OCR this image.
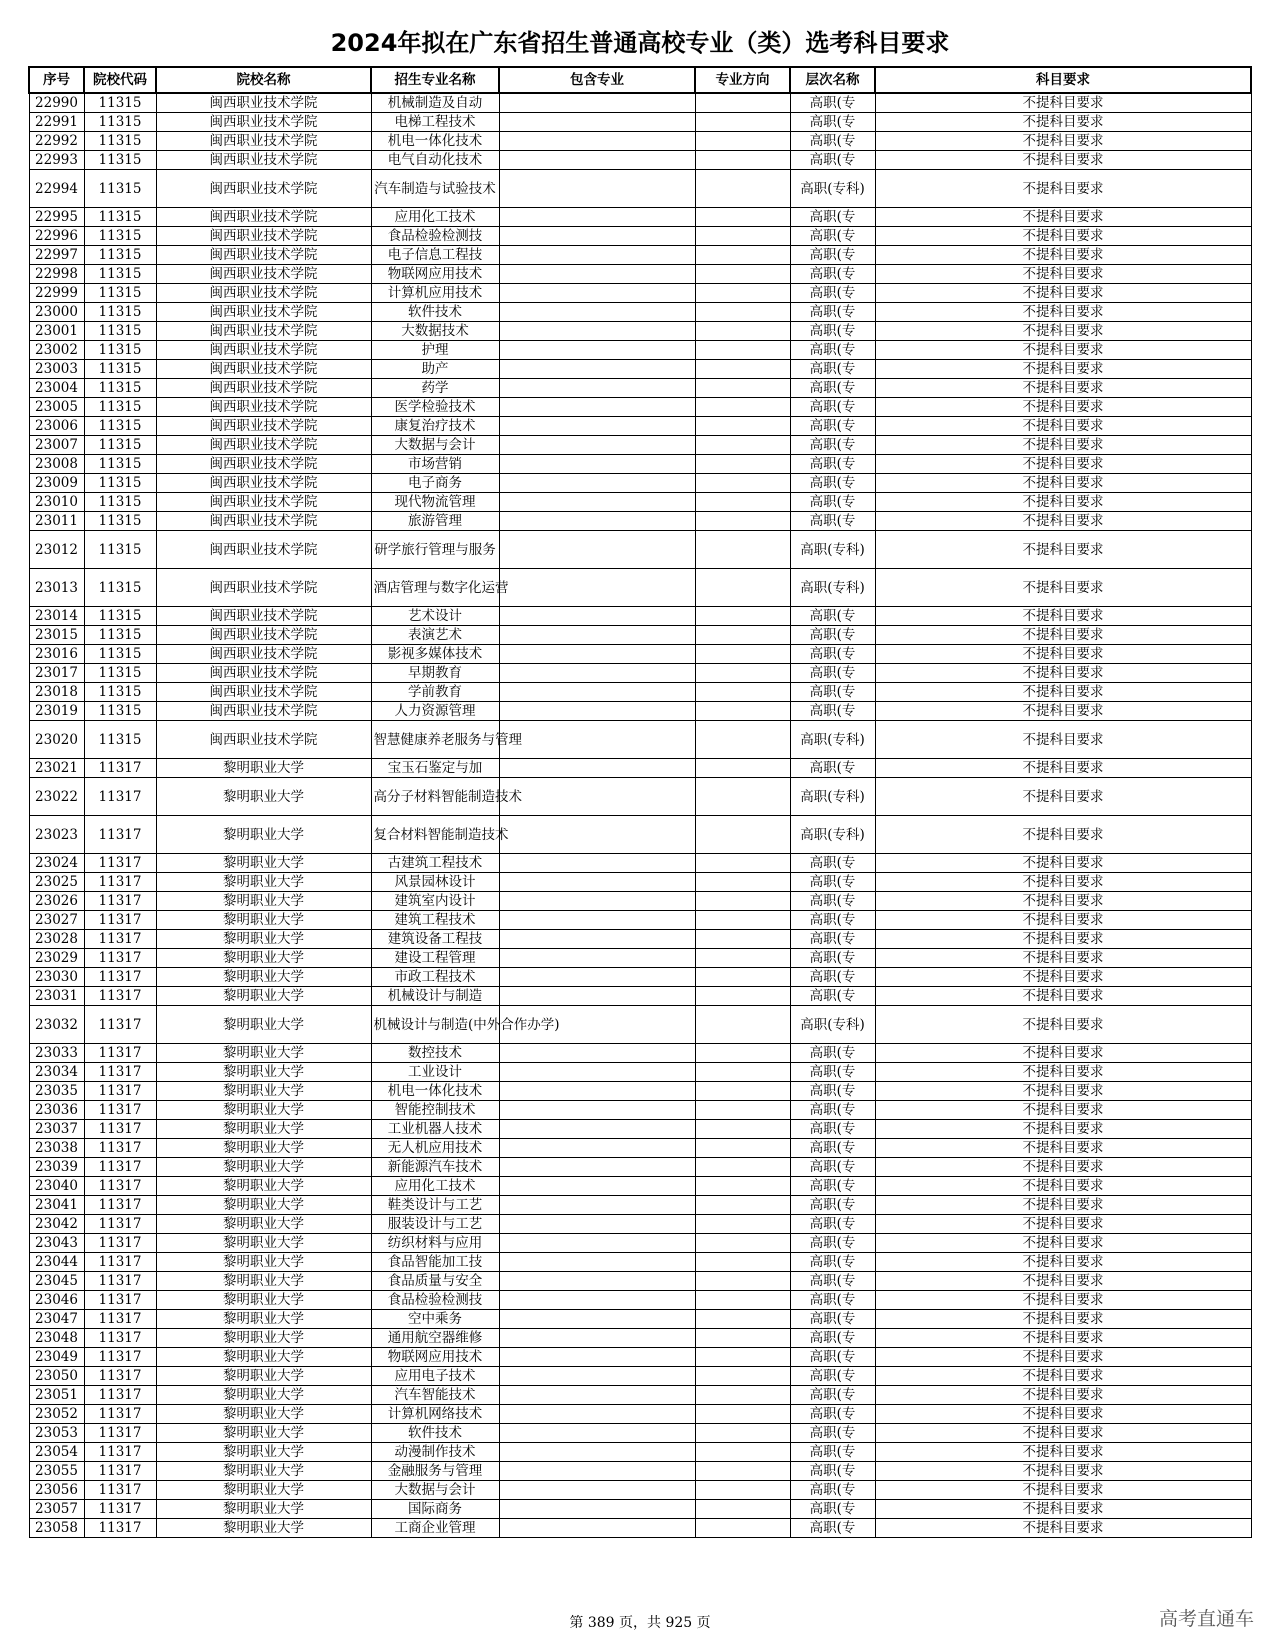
2024年拟在广东省招生普通高校专业（类）选考科目要求
序号	院校代码	院校名称	招生专业名称	包含专业	专业方向	层次名称	科目要求
22990	11315	闽西职业技术学院	机械制造及自动			高职(专	不提科目要求
22991	11315	闽西职业技术学院	电梯工程技术			高职(专	不提科目要求
22992	11315	闽西职业技术学院	机电一体化技术			高职(专	不提科目要求
22993	11315	闽西职业技术学院	电气自动化技术			高职(专	不提科目要求
22994	11315	闽西职业技术学院	汽车制造与试验技术			高职(专科)	不提科目要求
22995	11315	闽西职业技术学院	应用化工技术			高职(专	不提科目要求
22996	11315	闽西职业技术学院	食品检验检测技			高职(专	不提科目要求
22997	11315	闽西职业技术学院	电子信息工程技			高职(专	不提科目要求
22998	11315	闽西职业技术学院	物联网应用技术			高职(专	不提科目要求
22999	11315	闽西职业技术学院	计算机应用技术			高职(专	不提科目要求
23000	11315	闽西职业技术学院	软件技术			高职(专	不提科目要求
23001	11315	闽西职业技术学院	大数据技术			高职(专	不提科目要求
23002	11315	闽西职业技术学院	护理			高职(专	不提科目要求
23003	11315	闽西职业技术学院	助产			高职(专	不提科目要求
23004	11315	闽西职业技术学院	药学			高职(专	不提科目要求
23005	11315	闽西职业技术学院	医学检验技术			高职(专	不提科目要求
23006	11315	闽西职业技术学院	康复治疗技术			高职(专	不提科目要求
23007	11315	闽西职业技术学院	大数据与会计			高职(专	不提科目要求
23008	11315	闽西职业技术学院	市场营销			高职(专	不提科目要求
23009	11315	闽西职业技术学院	电子商务			高职(专	不提科目要求
23010	11315	闽西职业技术学院	现代物流管理			高职(专	不提科目要求
23011	11315	闽西职业技术学院	旅游管理			高职(专	不提科目要求
23012	11315	闽西职业技术学院	研学旅行管理与服务			高职(专科)	不提科目要求
23013	11315	闽西职业技术学院	酒店管理与数字化运营			高职(专科)	不提科目要求
23014	11315	闽西职业技术学院	艺术设计			高职(专	不提科目要求
23015	11315	闽西职业技术学院	表演艺术			高职(专	不提科目要求
23016	11315	闽西职业技术学院	影视多媒体技术			高职(专	不提科目要求
23017	11315	闽西职业技术学院	早期教育			高职(专	不提科目要求
23018	11315	闽西职业技术学院	学前教育			高职(专	不提科目要求
23019	11315	闽西职业技术学院	人力资源管理			高职(专	不提科目要求
23020	11315	闽西职业技术学院	智慧健康养老服务与管理			高职(专科)	不提科目要求
23021	11317	黎明职业大学	宝玉石鉴定与加			高职(专	不提科目要求
23022	11317	黎明职业大学	高分子材料智能制造技术			高职(专科)	不提科目要求
23023	11317	黎明职业大学	复合材料智能制造技术			高职(专科)	不提科目要求
23024	11317	黎明职业大学	古建筑工程技术			高职(专	不提科目要求
23025	11317	黎明职业大学	风景园林设计			高职(专	不提科目要求
23026	11317	黎明职业大学	建筑室内设计			高职(专	不提科目要求
23027	11317	黎明职业大学	建筑工程技术			高职(专	不提科目要求
23028	11317	黎明职业大学	建筑设备工程技			高职(专	不提科目要求
23029	11317	黎明职业大学	建设工程管理			高职(专	不提科目要求
23030	11317	黎明职业大学	市政工程技术			高职(专	不提科目要求
23031	11317	黎明职业大学	机械设计与制造			高职(专	不提科目要求
23032	11317	黎明职业大学	机械设计与制造(中外合作办学)			高职(专科)	不提科目要求
23033	11317	黎明职业大学	数控技术			高职(专	不提科目要求
23034	11317	黎明职业大学	工业设计			高职(专	不提科目要求
23035	11317	黎明职业大学	机电一体化技术			高职(专	不提科目要求
23036	11317	黎明职业大学	智能控制技术			高职(专	不提科目要求
23037	11317	黎明职业大学	工业机器人技术			高职(专	不提科目要求
23038	11317	黎明职业大学	无人机应用技术			高职(专	不提科目要求
23039	11317	黎明职业大学	新能源汽车技术			高职(专	不提科目要求
23040	11317	黎明职业大学	应用化工技术			高职(专	不提科目要求
23041	11317	黎明职业大学	鞋类设计与工艺			高职(专	不提科目要求
23042	11317	黎明职业大学	服装设计与工艺			高职(专	不提科目要求
23043	11317	黎明职业大学	纺织材料与应用			高职(专	不提科目要求
23044	11317	黎明职业大学	食品智能加工技			高职(专	不提科目要求
23045	11317	黎明职业大学	食品质量与安全			高职(专	不提科目要求
23046	11317	黎明职业大学	食品检验检测技			高职(专	不提科目要求
23047	11317	黎明职业大学	空中乘务			高职(专	不提科目要求
23048	11317	黎明职业大学	通用航空器维修			高职(专	不提科目要求
23049	11317	黎明职业大学	物联网应用技术			高职(专	不提科目要求
23050	11317	黎明职业大学	应用电子技术			高职(专	不提科目要求
23051	11317	黎明职业大学	汽车智能技术			高职(专	不提科目要求
23052	11317	黎明职业大学	计算机网络技术			高职(专	不提科目要求
23053	11317	黎明职业大学	软件技术			高职(专	不提科目要求
23054	11317	黎明职业大学	动漫制作技术			高职(专	不提科目要求
23055	11317	黎明职业大学	金融服务与管理			高职(专	不提科目要求
23056	11317	黎明职业大学	大数据与会计			高职(专	不提科目要求
23057	11317	黎明职业大学	国际商务			高职(专	不提科目要求
23058	11317	黎明职业大学	工商企业管理			高职(专	不提科目要求
第 389 页，共 925 页	高考直通车
